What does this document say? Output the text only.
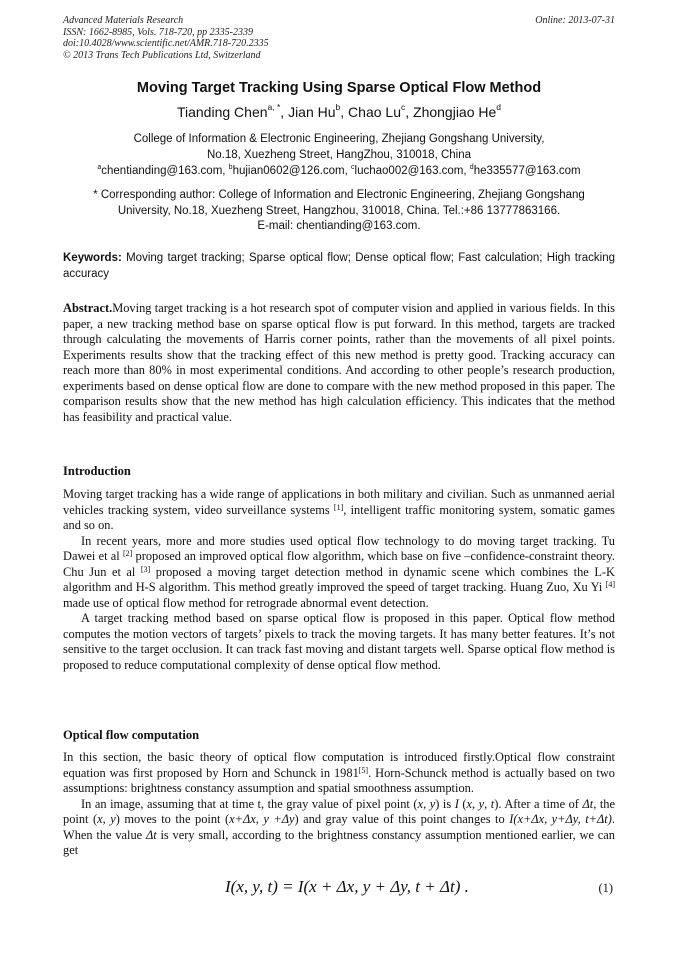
Advanced Materials Research
ISSN: 1662-8985, Vols. 718-720, pp 2335-2339
doi:10.4028/www.scientific.net/AMR.718-720.2335
© 2013 Trans Tech Publications Ltd, Switzerland
Online: 2013-07-31
Moving Target Tracking Using Sparse Optical Flow Method
Tianding Chen$^{a, *}$, Jian Hu$^b$, Chao Lu$^c$, Zhongjiao He$^d$
College of Information & Electronic Engineering, Zhejiang Gongshang University,
No.18, Xuezheng Street, HangZhou, 310018, China
$^a$chentianding@163.com, $^b$hujian0602@126.com, $^c$luchao002@163.com, $^d$he335577@163.com
* Corresponding author: College of Information and Electronic Engineering, Zhejiang Gongshang
University, No.18, Xuezheng Street, Hangzhou, 310018, China. Tel.:+86 13777863166.
E-mail: chentianding@163.com.
Keywords: Moving target tracking; Sparse optical flow; Dense optical flow; Fast calculation; High tracking accuracy

Abstract.Moving target tracking is a hot research spot of computer vision and applied in various fields. In this paper, a new tracking method base on sparse optical flow is put forward. In this method, targets are tracked through calculating the movements of Harris corner points, rather than the movements of all pixel points. Experiments results show that the tracking effect of this new method is pretty good. Tracking accuracy can reach more than 80% in most experimental conditions. And according to other people’s research production, experiments based on dense optical flow are done to compare with the new method proposed in this paper. The comparison results show that the new method has high calculation efficiency. This indicates that the method has feasibility and practical value.

Introduction

Moving target tracking has a wide range of applications in both military and civilian. Such as unmanned aerial vehicles tracking system, video surveillance systems [1], intelligent traffic monitoring system, somatic games and so on.

In recent years, more and more studies used optical flow technology to do moving target tracking. Tu Dawei et al [2] proposed an improved optical flow algorithm, which base on five –confidence-constraint theory. Chu Jun et al [3] proposed a moving target detection method in dynamic scene which combines the L-K algorithm and H-S algorithm. This method greatly improved the speed of target tracking. Huang Zuo, Xu Yi [4] made use of optical flow method for retrograde abnormal event detection.

A target tracking method based on sparse optical flow is proposed in this paper. Optical flow method computes the motion vectors of targets’ pixels to track the moving targets. It has many better features. It’s not sensitive to the target occlusion. It can track fast moving and distant targets well. Sparse optical flow method is proposed to reduce computational complexity of dense optical flow method.

Optical flow computation

In this section, the basic theory of optical flow computation is introduced firstly.Optical flow constraint equation was first proposed by Horn and Schunck in 1981[5]. Horn-Schunck method is actually based on two assumptions: brightness constancy assumption and spatial smoothness assumption.

In an image, assuming that at time t, the gray value of pixel point (x, y) is I (x, y, t). After a time of Δt, the point (x, y) moves to the point (x+Δx, y +Δy) and gray value of this point changes to I(x+Δx, y+Δy, t+Δt). When the value Δt is very small, according to the brightness constancy assumption mentioned earlier, we can get

I(x, y, t) = I(x + Δx, y + Δy, t + Δt) .	(1)
